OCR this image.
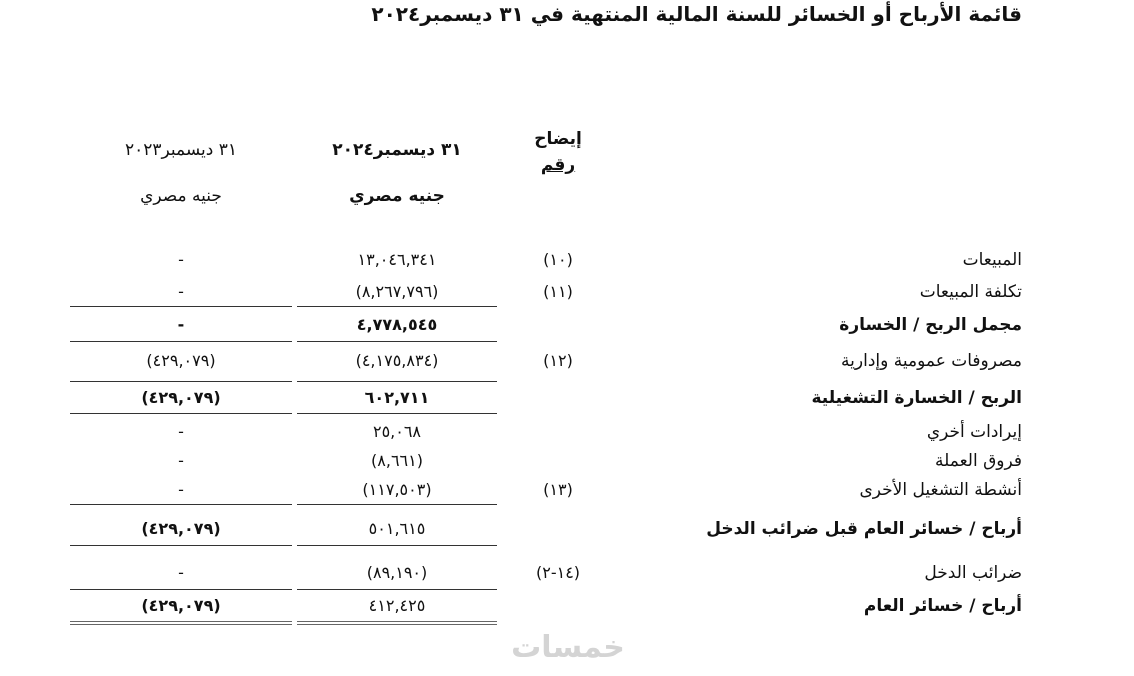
قائمة الأرباح أو الخسائر للسنة المالية المنتهية في ٣١ ديسمبر٢٠٢٤
إيضاح
رقم
٣١ ديسمبر٢٠٢٤
جنيه مصري
٣١ ديسمبر٢٠٢٣
جنيه مصري
المبيعات
(١٠)
١٣,٠٤٦,٣٤١
-
تكلفة المبيعات
(١١)
(٨,٢٦٧,٧٩٦)
-
مجمل الربح / الخسارة
٤,٧٧٨,٥٤٥
-
مصروفات عمومية وإدارية
(١٢)
(٤,١٧٥,٨٣٤)
(٤٢٩,٠٧٩)
الربح / الخسارة التشغيلية
٦٠٢,٧١١
(٤٢٩,٠٧٩)
إيرادات أخري
٢٥,٠٦٨
-
فروق العملة
(٨,٦٦١)
-
أنشطة التشغيل الأخرى
(١٣)
(١١٧,٥٠٣)
-
أرباح / خسائر العام قبل ضرائب الدخل
٥٠١,٦١٥
(٤٢٩,٠٧٩)
ضرائب الدخل
(١٤-٢)
(٨٩,١٩٠)
-
أرباح / خسائر العام
٤١٢,٤٢٥
(٤٢٩,٠٧٩)
خمسات
